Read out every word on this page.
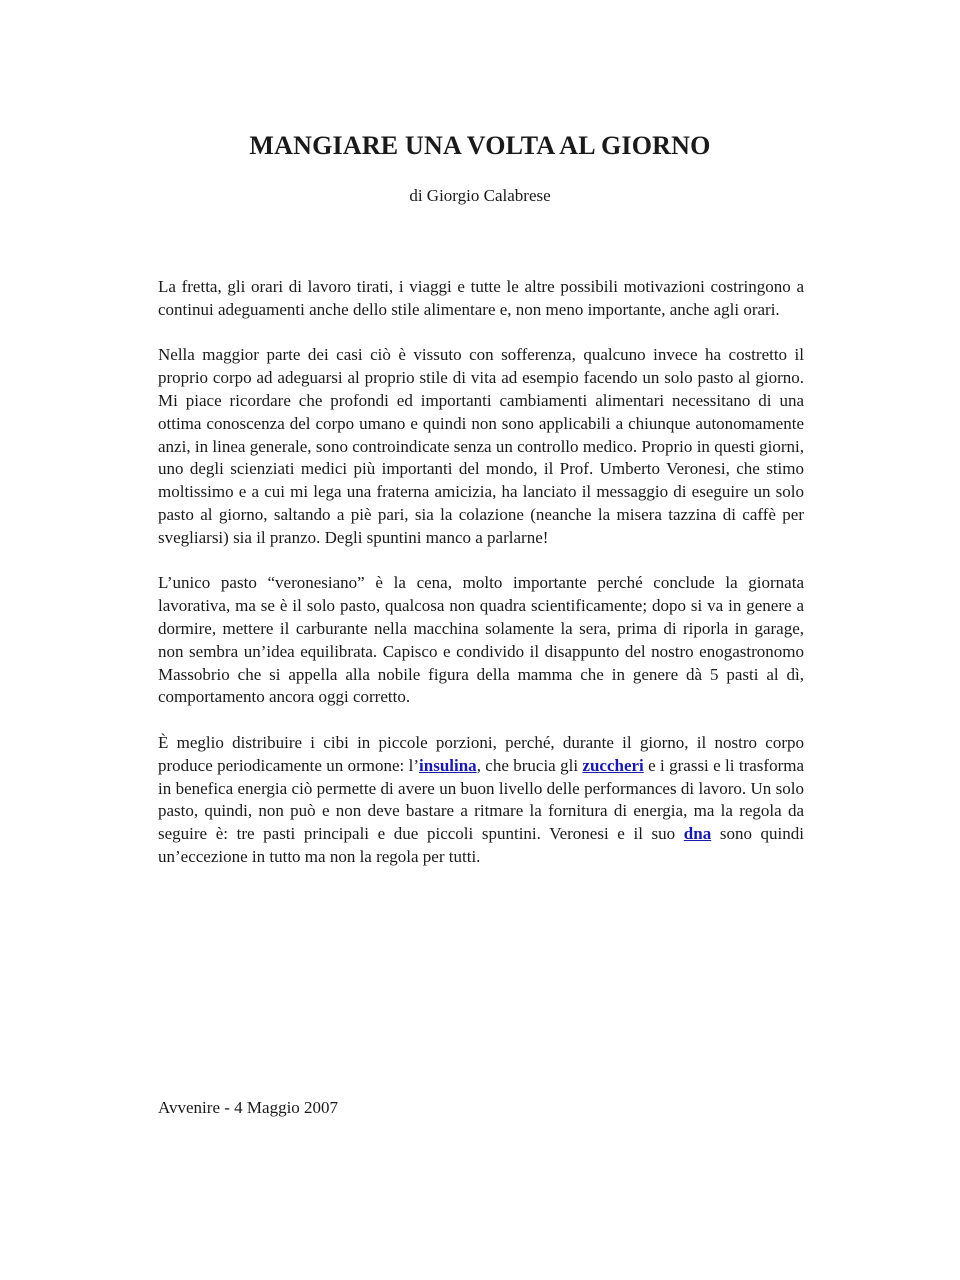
MANGIARE UNA VOLTA AL GIORNO

di Giorgio Calabrese

La fretta, gli orari di lavoro tirati, i viaggi e tutte le altre possibili motivazioni costringono a continui adeguamenti anche dello stile alimentare e, non meno importante, anche agli orari.

Nella maggior parte dei casi ciò è vissuto con sofferenza, qualcuno invece ha costretto il proprio corpo ad adeguarsi al proprio stile di vita ad esempio facendo un solo pasto al giorno. Mi piace ricordare che profondi ed importanti cambiamenti alimentari necessitano di una ottima conoscenza del corpo umano e quindi non sono applicabili a chiunque autonomamente anzi, in linea generale, sono controindicate senza un controllo medico. Proprio in questi giorni, uno degli scienziati medici più importanti del mondo, il Prof. Umberto Veronesi, che stimo moltissimo e a cui mi lega una fraterna amicizia, ha lanciato il messaggio di eseguire un solo pasto al giorno, saltando a piè pari, sia la colazione (neanche la misera tazzina di caffè per svegliarsi) sia il pranzo. Degli spuntini manco a parlarne!

L’unico pasto “veronesiano” è la cena, molto importante perché conclude la giornata lavorativa, ma se è il solo pasto, qualcosa non quadra scientificamente; dopo si va in genere a dormire, mettere il carburante nella macchina solamente la sera, prima di riporla in garage, non sembra un’idea equilibrata. Capisco e condivido il disappunto del nostro enogastronomo Massobrio che si appella alla nobile figura della mamma che in genere dà 5 pasti al dì, comportamento ancora oggi corretto.

È meglio distribuire i cibi in piccole porzioni, perché, durante il giorno, il nostro corpo produce periodicamente un ormone: l’insulina, che brucia gli zuccheri e i grassi e li trasforma in benefica energia ciò permette di avere un buon livello delle performances di lavoro. Un solo pasto, quindi, non può e non deve bastare a ritmare la fornitura di energia, ma la regola da seguire è: tre pasti principali e due piccoli spuntini. Veronesi e il suo dna sono quindi un’eccezione in tutto ma non la regola per tutti.

Avvenire - 4 Maggio 2007
